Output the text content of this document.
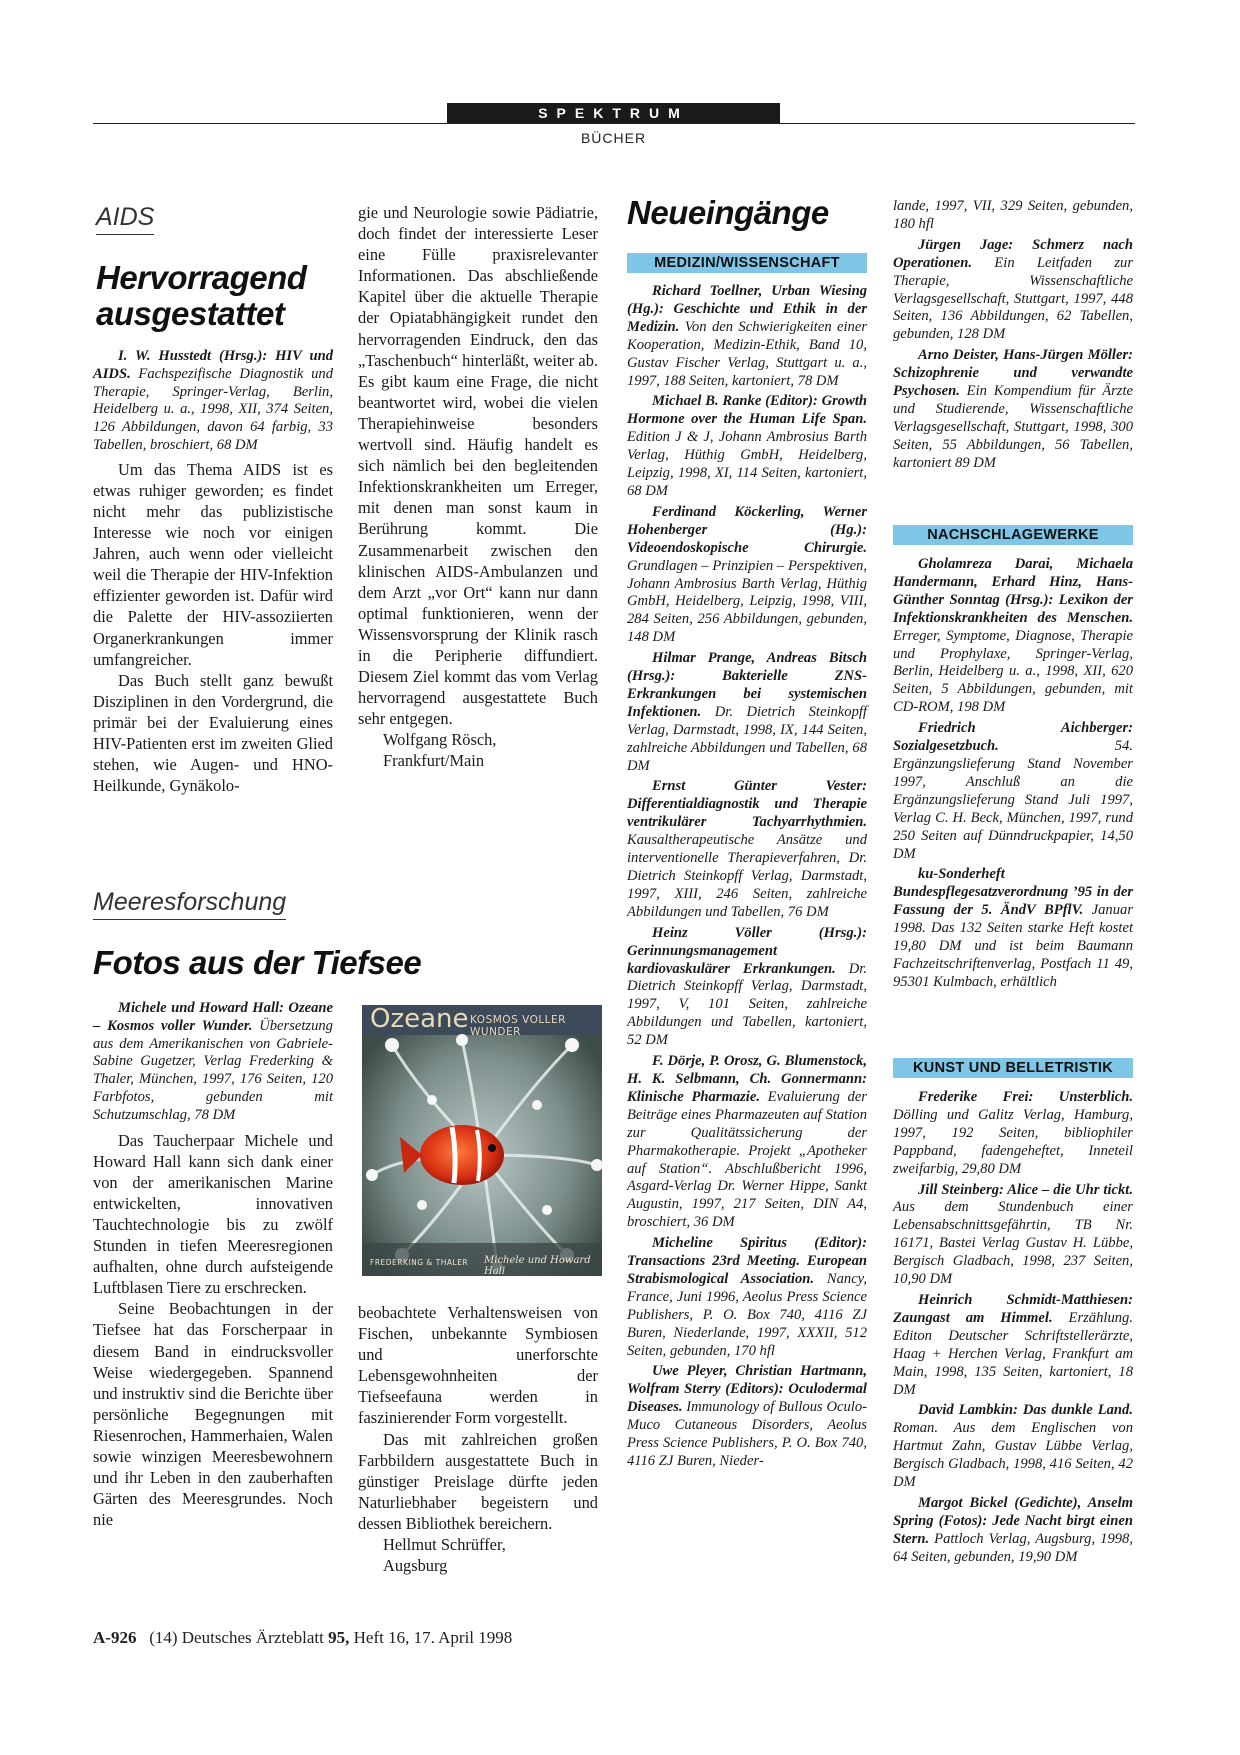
SPEKTRUM
BÜCHER

AIDS

Hervorragend

ausgestattet

I. W. Husstedt (Hrsg.): HIV und AIDS. Fachspezifische Diagnostik und Therapie, Springer-Verlag, Berlin, Heidelberg u. a., 1998, XII, 374 Seiten, 126 Abbildungen, davon 64 farbig, 33 Tabellen, broschiert, 68 DM

Um das Thema AIDS ist es etwas ruhiger geworden; es findet nicht mehr das publizistische Interesse wie noch vor einigen Jahren, auch wenn oder vielleicht weil die Therapie der HIV-Infektion effizienter geworden ist. Dafür wird die Palette der HIV-assoziierten Organerkrankungen immer umfangreicher.

Das Buch stellt ganz bewußt Disziplinen in den Vordergrund, die primär bei der Evaluierung eines HIV-Patienten erst im zweiten Glied stehen, wie Augen- und HNO-Heilkunde, Gynäkolo-

gie und Neurologie sowie Pädiatrie, doch findet der interessierte Leser eine Fülle praxisrelevanter Informationen. Das abschließende Kapitel über die aktuelle Therapie der Opiatabhängigkeit rundet den hervorragenden Eindruck, den das „Taschenbuch“ hinterläßt, weiter ab. Es gibt kaum eine Frage, die nicht beantwortet wird, wobei die vielen Therapiehinweise besonders wertvoll sind. Häufig handelt es sich nämlich bei den begleitenden Infektionskrankheiten um Erreger, mit denen man sonst kaum in Berührung kommt. Die Zusammenarbeit zwischen den klinischen AIDS-Ambulanzen und dem Arzt „vor Ort“ kann nur dann optimal funktionieren, wenn der Wissensvorsprung der Klinik rasch in die Peripherie diffundiert. Diesem Ziel kommt das vom Verlag hervorragend ausgestattete Buch sehr entgegen.

Wolfgang Rösch,

Frankfurt/Main

Meeresforschung

Fotos aus der Tiefsee

Michele und Howard Hall: Ozeane – Kosmos voller Wunder. Übersetzung aus dem Amerikanischen von Gabriele-Sabine Gugetzer, Verlag Frederking & Thaler, München, 1997, 176 Seiten, 120 Farbfotos, gebunden mit Schutzumschlag, 78 DM

Das Taucherpaar Michele und Howard Hall kann sich dank einer von der amerikanischen Marine entwickelten, innovativen Tauchtechnologie bis zu zwölf Stunden in tiefen Meeresregionen aufhalten, ohne durch aufsteigende Luftblasen Tiere zu erschrecken.

Seine Beobachtungen in der Tiefsee hat das Forscherpaar in diesem Band in eindrucksvoller Weise wiedergegeben. Spannend und instruktiv sind die Berichte über persönliche Begegnungen mit Riesenrochen, Hammerhaien, Walen sowie winzigen Meeresbewohnern und ihr Leben in den zauberhaften Gärten des Meeresgrundes. Noch nie

Ozeane KOSMOS VOLLER WUNDER
FREDERKING & THALER Michele und Howard Hall

beobachtete Verhaltensweisen von Fischen, unbekannte Symbiosen und unerforschte Lebensgewohnheiten der Tiefseefauna werden in faszinierender Form vorgestellt.

Das mit zahlreichen großen Farbbildern ausgestattete Buch in günstiger Preislage dürfte jeden Naturliebhaber begeistern und dessen Bibliothek bereichern.

Hellmut Schrüffer,

Augsburg

Neueingänge

MEDIZIN/WISSENSCHAFT

Richard Toellner, Urban Wiesing (Hg.): Geschichte und Ethik in der Medizin. Von den Schwierigkeiten einer Kooperation, Medizin-Ethik, Band 10, Gustav Fischer Verlag, Stuttgart u. a., 1997, 188 Seiten, kartoniert, 78 DM

Michael B. Ranke (Editor): Growth Hormone over the Human Life Span. Edition J & J, Johann Ambrosius Barth Verlag, Hüthig GmbH, Heidelberg, Leipzig, 1998, XI, 114 Seiten, kartoniert, 68 DM

Ferdinand Köckerling, Werner Hohenberger (Hg.): Videoendoskopische Chirurgie. Grundlagen – Prinzipien – Perspektiven, Johann Ambrosius Barth Verlag, Hüthig GmbH, Heidelberg, Leipzig, 1998, VIII, 284 Seiten, 256 Abbildungen, gebunden, 148 DM

Hilmar Prange, Andreas Bitsch (Hrsg.): Bakterielle ZNS-Erkrankungen bei systemischen Infektionen. Dr. Dietrich Steinkopff Verlag, Darmstadt, 1998, IX, 144 Seiten, zahlreiche Abbildungen und Tabellen, 68 DM

Ernst Günter Vester: Differentialdiagnostik und Therapie ventrikulärer Tachyarrhythmien. Kausaltherapeutische Ansätze und interventionelle Therapieverfahren, Dr. Dietrich Steinkopff Verlag, Darmstadt, 1997, XIII, 246 Seiten, zahlreiche Abbildungen und Tabellen, 76 DM

Heinz Völler (Hrsg.): Gerinnungsmanagement kardiovaskulärer Erkrankungen. Dr. Dietrich Steinkopff Verlag, Darmstadt, 1997, V, 101 Seiten, zahlreiche Abbildungen und Tabellen, kartoniert, 52 DM

F. Dörje, P. Orosz, G. Blumenstock, H. K. Selbmann, Ch. Gonnermann: Klinische Pharmazie. Evaluierung der Beiträge eines Pharmazeuten auf Station zur Qualitätssicherung der Pharmakotherapie. Projekt „Apotheker auf Station“. Abschlußbericht 1996, Asgard-Verlag Dr. Werner Hippe, Sankt Augustin, 1997, 217 Seiten, DIN A4, broschiert, 36 DM

Micheline Spiritus (Editor): Transactions 23rd Meeting. European Strabismological Association. Nancy, France, Juni 1996, Aeolus Press Science Publishers, P. O. Box 740, 4116 ZJ Buren, Niederlande, 1997, XXXII, 512 Seiten, gebunden, 170 hfl

Uwe Pleyer, Christian Hartmann, Wolfram Sterry (Editors): Oculodermal Diseases. Immunology of Bullous Oculo-Muco Cutaneous Disorders, Aeolus Press Science Publishers, P. O. Box 740, 4116 ZJ Buren, Nieder-

lande, 1997, VII, 329 Seiten, gebunden, 180 hfl

Jürgen Jage: Schmerz nach Operationen. Ein Leitfaden zur Therapie, Wissenschaftliche Verlagsgesellschaft, Stuttgart, 1997, 448 Seiten, 136 Abbildungen, 62 Tabellen, gebunden, 128 DM

Arno Deister, Hans-Jürgen Möller: Schizophrenie und verwandte Psychosen. Ein Kompendium für Ärzte und Studierende, Wissenschaftliche Verlagsgesellschaft, Stuttgart, 1998, 300 Seiten, 55 Abbildungen, 56 Tabellen, kartoniert 89 DM

NACHSCHLAGEWERKE

Gholamreza Darai, Michaela Handermann, Erhard Hinz, Hans-Günther Sonntag (Hrsg.): Lexikon der Infektionskrankheiten des Menschen. Erreger, Symptome, Diagnose, Therapie und Prophylaxe, Springer-Verlag, Berlin, Heidelberg u. a., 1998, XII, 620 Seiten, 5 Abbildungen, gebunden, mit CD-ROM, 198 DM

Friedrich Aichberger: Sozialgesetzbuch. 54. Ergänzungslieferung Stand November 1997, Anschluß an die Ergänzungslieferung Stand Juli 1997, Verlag C. H. Beck, München, 1997, rund 250 Seiten auf Dünndruckpapier, 14,50 DM

ku-Sonderheft Bundespflegesatzverordnung ’95 in der Fassung der 5. ÄndV BPflV. Januar 1998. Das 132 Seiten starke Heft kostet 19,80 DM und ist beim Baumann Fachzeitschriftenverlag, Postfach 11 49, 95301 Kulmbach, erhältlich

KUNST UND BELLETRISTIK

Frederike Frei: Unsterblich. Dölling und Galitz Verlag, Hamburg, 1997, 192 Seiten, bibliophiler Pappband, fadengeheftet, Inneteil zweifarbig, 29,80 DM

Jill Steinberg: Alice – die Uhr tickt. Aus dem Stundenbuch einer Lebensabschnittsgefährtin, TB Nr. 16171, Bastei Verlag Gustav H. Lübbe, Bergisch Gladbach, 1998, 237 Seiten, 10,90 DM

Heinrich Schmidt-Matthiesen: Zaungast am Himmel. Erzählung. Editon Deutscher Schriftstellerärzte, Haag + Herchen Verlag, Frankfurt am Main, 1998, 135 Seiten, kartoniert, 18 DM

David Lambkin: Das dunkle Land. Roman. Aus dem Englischen von Hartmut Zahn, Gustav Lübbe Verlag, Bergisch Gladbach, 1998, 416 Seiten, 42 DM

Margot Bickel (Gedichte), Anselm Spring (Fotos): Jede Nacht birgt einen Stern. Pattloch Verlag, Augsburg, 1998, 64 Seiten, gebunden, 19,90 DM

A-926 (14) Deutsches Ärzteblatt 95, Heft 16, 17. April 1998
